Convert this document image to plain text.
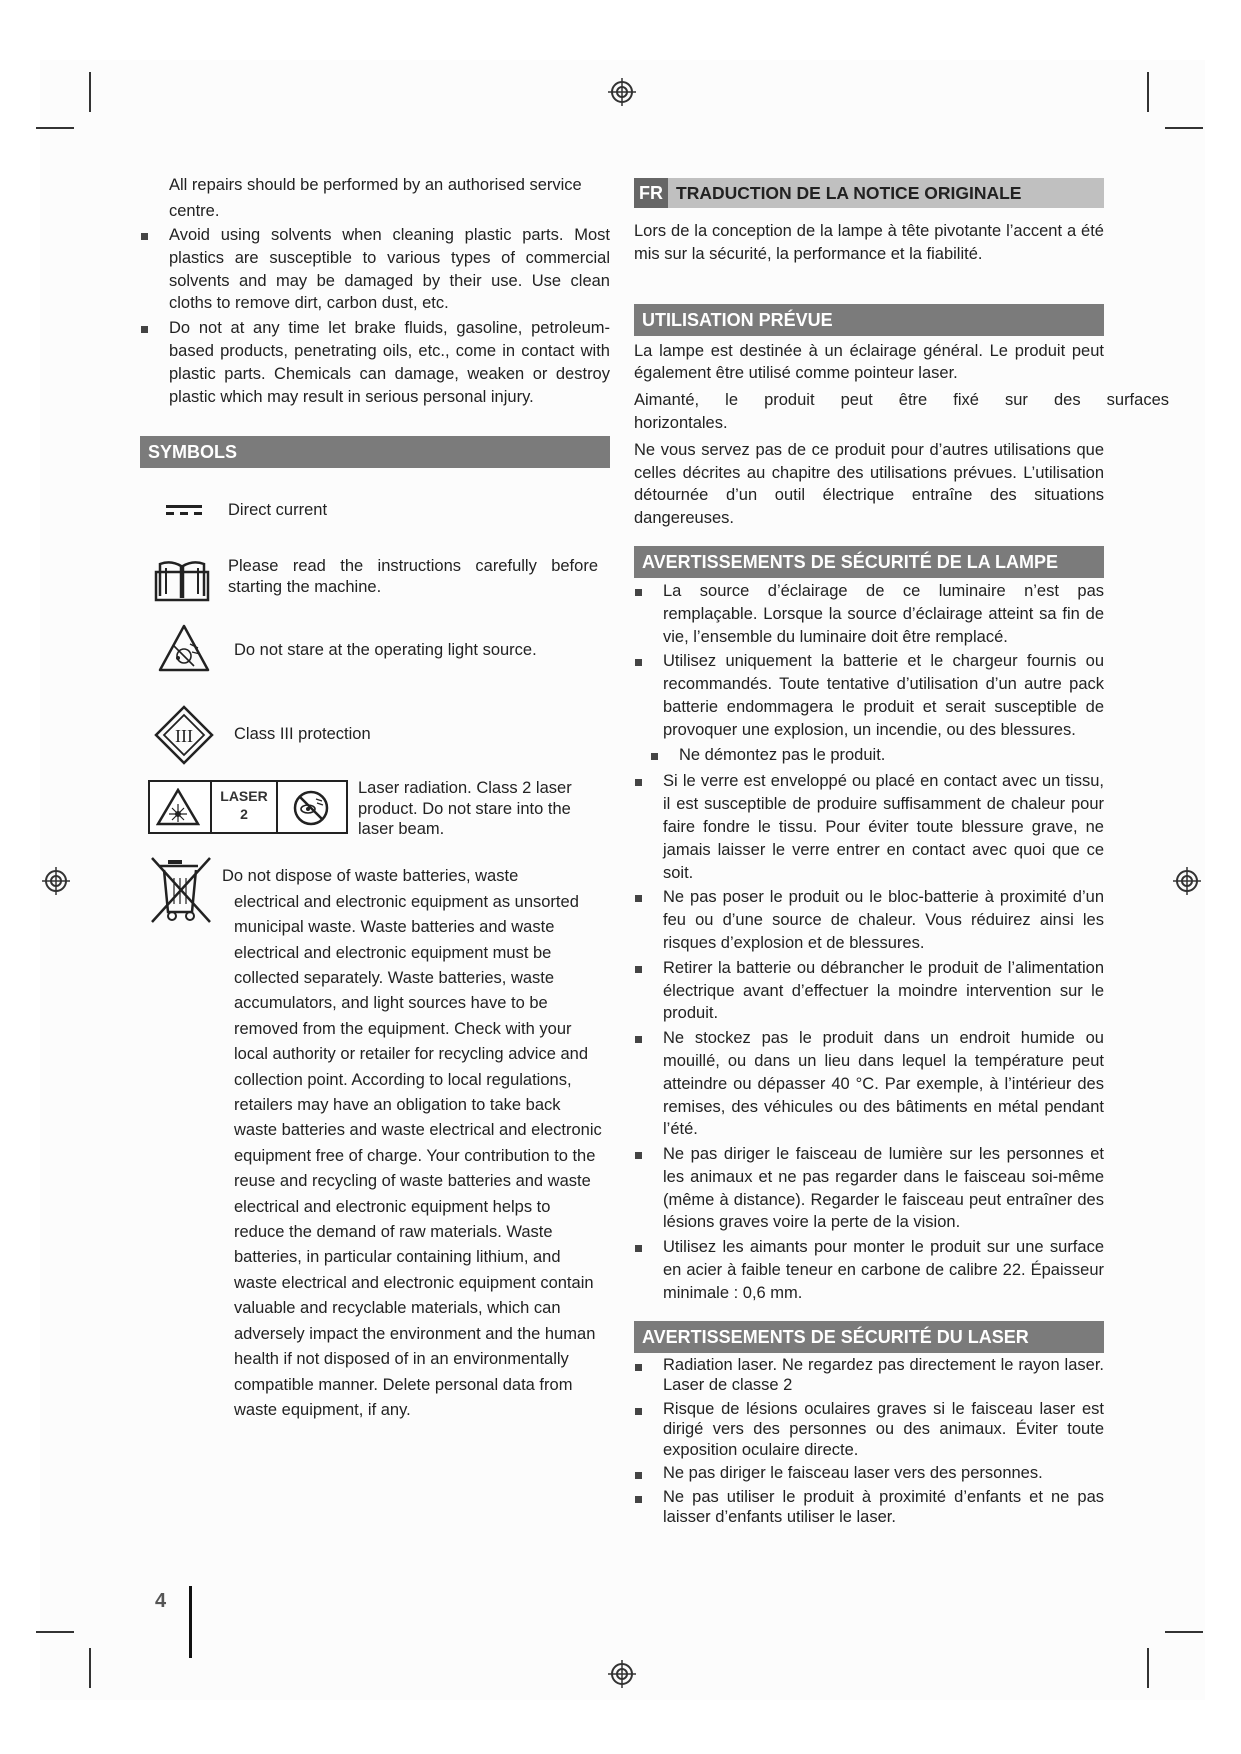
All repairs should be performed by an authorised service centre.

Avoid using solvents when cleaning plastic parts. Most plastics are susceptible to various types of commercial solvents and may be damaged by their use. Use clean cloths to remove dirt, carbon dust, etc.
Do not at any time let brake fluids, gasoline, petroleum-based products, penetrating oils, etc., come in contact with plastic parts. Chemicals can damage, weaken or destroy plastic which may result in serious personal injury.
SYMBOLS
Direct current
Please read the instructions carefully before starting the machine.
Do not stare at the operating light source.
III Class III protection
LASER
2
Laser radiation. Class 2 laser product. Do not stare into the laser beam.

Do not dispose of waste batteries, waste

electrical and electronic equipment as unsorted municipal waste. Waste batteries and waste electrical and electronic equipment must be collected separately. Waste batteries, waste accumulators, and light sources have to be removed from the equipment. Check with your local authority or retailer for recycling advice and collection point. According to local regulations, retailers may have an obligation to take back waste batteries and waste electrical and electronic equipment free of charge. Your contribution to the reuse and recycling of waste batteries and waste electrical and electronic equipment helps to reduce the demand of raw materials. Waste batteries, in particular containing lithium, and waste electrical and electronic equipment contain valuable and recyclable materials, which can adversely impact the environment and the human health if not disposed of in an environmentally compatible manner. Delete personal data from waste equipment, if any.

FR TRADUCTION DE LA NOTICE ORIGINALE

Lors de la conception de la lampe à tête pivotante l’accent a été mis sur la sécurité, la performance et la fiabilité.

UTILISATION PRÉVUE

La lampe est destinée à un éclairage général. Le produit peut également être utilisé comme pointeur laser.

Aimanté, le produit peut être fixé sur des surfaces horizontales.

Ne vous servez pas de ce produit pour d’autres utilisations que celles décrites au chapitre des utilisations prévues. L’utilisation détournée d’un outil électrique entraîne des situations dangereuses.

AVERTISSEMENTS DE SÉCURITÉ DE LA LAMPE
La source d’éclairage de ce luminaire n’est pas remplaçable. Lorsque la source d’éclairage atteint sa fin de vie, l’ensemble du luminaire doit être remplacé.
Utilisez uniquement la batterie et le chargeur fournis ou recommandés. Toute tentative d’utilisation d’un autre pack batterie endommagera le produit et serait susceptible de provoquer une explosion, un incendie, ou des blessures.
Ne démontez pas le produit.
Si le verre est enveloppé ou placé en contact avec un tissu, il est susceptible de produire suffisamment de chaleur pour faire fondre le tissu. Pour éviter toute blessure grave, ne jamais laisser le verre entrer en contact avec quoi que ce soit.
Ne pas poser le produit ou le bloc-batterie à proximité d’un feu ou d’une source de chaleur. Vous réduirez ainsi les risques d’explosion et de blessures.
Retirer la batterie ou débrancher le produit de l’alimentation électrique avant d’effectuer la moindre intervention sur le produit.
Ne stockez pas le produit dans un endroit humide ou mouillé, ou dans un lieu dans lequel la température peut atteindre ou dépasser 40 °C. Par exemple, à l’intérieur des remises, des véhicules ou des bâtiments en métal pendant l’été.
Ne pas diriger le faisceau de lumière sur les personnes et les animaux et ne pas regarder dans le faisceau soi-même (même à distance). Regarder le faisceau peut entraîner des lésions graves voire la perte de la vision.
Utilisez les aimants pour monter le produit sur une surface en acier à faible teneur en carbone de calibre 22. Épaisseur minimale : 0,6 mm.
AVERTISSEMENTS DE SÉCURITÉ DU LASER
Radiation laser. Ne regardez pas directement le rayon laser. Laser de classe 2
Risque de lésions oculaires graves si le faisceau laser est dirigé vers des personnes ou des animaux. Éviter toute exposition oculaire directe.
Ne pas diriger le faisceau laser vers des personnes.
Ne pas utiliser le produit à proximité d’enfants et ne pas laisser d’enfants utiliser le laser.
4
